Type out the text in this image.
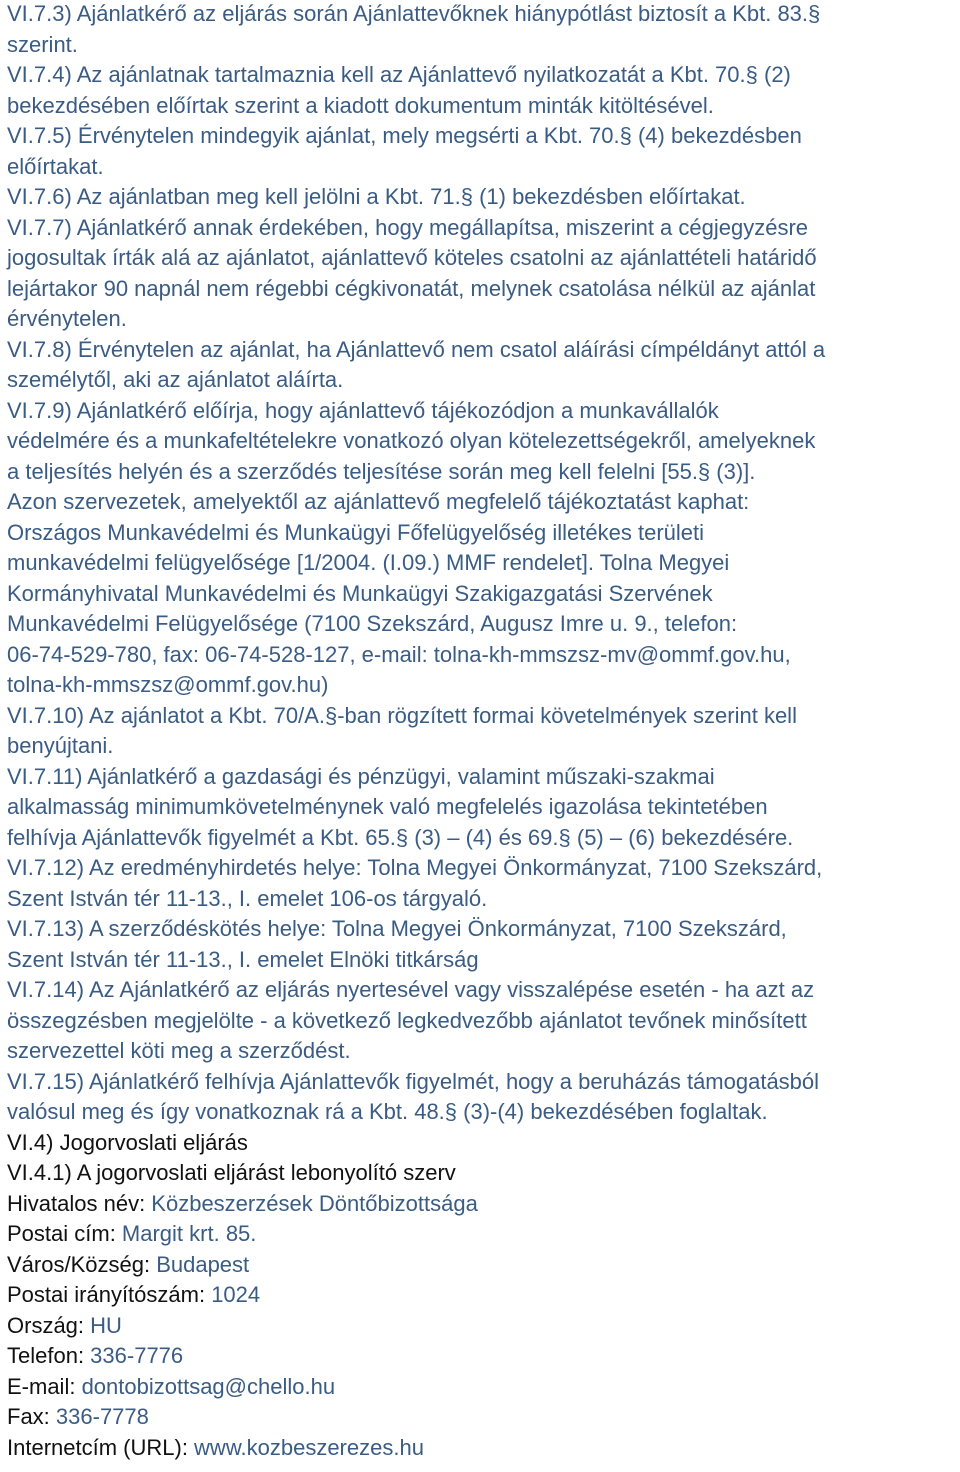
VI.7.3) Ajánlatkérő az eljárás során Ajánlattevőknek hiánypótlást biztosít a Kbt. 83.§
szerint.
VI.7.4) Az ajánlatnak tartalmaznia kell az Ajánlattevő nyilatkozatát a Kbt. 70.§ (2)
bekezdésében előírtak szerint a kiadott dokumentum minták kitöltésével.
VI.7.5) Érvénytelen mindegyik ajánlat, mely megsérti a Kbt. 70.§ (4) bekezdésben
előírtakat.
VI.7.6) Az ajánlatban meg kell jelölni a Kbt. 71.§ (1) bekezdésben előírtakat.
VI.7.7) Ajánlatkérő annak érdekében, hogy megállapítsa, miszerint a cégjegyzésre
jogosultak írták alá az ajánlatot, ajánlattevő köteles csatolni az ajánlattételi határidő
lejártakor 90 napnál nem régebbi cégkivonatát, melynek csatolása nélkül az ajánlat
érvénytelen.
VI.7.8) Érvénytelen az ajánlat, ha Ajánlattevő nem csatol aláírási címpéldányt attól a
személytől, aki az ajánlatot aláírta.
VI.7.9) Ajánlatkérő előírja, hogy ajánlattevő tájékozódjon a munkavállalók
védelmére és a munkafeltételekre vonatkozó olyan kötelezettségekről, amelyeknek
a teljesítés helyén és a szerződés teljesítése során meg kell felelni [55.§ (3)].
Azon szervezetek, amelyektől az ajánlattevő megfelelő tájékoztatást kaphat:
Országos Munkavédelmi és Munkaügyi Főfelügyelőség illetékes területi
munkavédelmi felügyelősége [1/2004. (I.09.) MMF rendelet]. Tolna Megyei
Kormányhivatal Munkavédelmi és Munkaügyi Szakigazgatási Szervének
Munkavédelmi Felügyelősége (7100 Szekszárd, Augusz Imre u. 9., telefon:
06-74-529-780, fax: 06-74-528-127, e-mail: tolna-kh-mmszsz-mv@ommf.gov.hu,
tolna-kh-mmszsz@ommf.gov.hu)
VI.7.10) Az ajánlatot a Kbt. 70/A.§-ban rögzített formai követelmények szerint kell
benyújtani.
VI.7.11) Ajánlatkérő a gazdasági és pénzügyi, valamint műszaki-szakmai
alkalmasság minimumkövetelménynek való megfelelés igazolása tekintetében
felhívja Ajánlattevők figyelmét a Kbt. 65.§ (3) – (4) és 69.§ (5) – (6) bekezdésére.
VI.7.12) Az eredményhirdetés helye: Tolna Megyei Önkormányzat, 7100 Szekszárd,
Szent István tér 11-13., I. emelet 106-os tárgyaló.
VI.7.13) A szerződéskötés helye: Tolna Megyei Önkormányzat, 7100 Szekszárd,
Szent István tér 11-13., I. emelet Elnöki titkárság
VI.7.14) Az Ajánlatkérő az eljárás nyertesével vagy visszalépése esetén - ha azt az
összegzésben megjelölte - a következő legkedvezőbb ajánlatot tevőnek minősített
szervezettel köti meg a szerződést.
VI.7.15) Ajánlatkérő felhívja Ajánlattevők figyelmét, hogy a beruházás támogatásból
valósul meg és így vonatkoznak rá a Kbt. 48.§ (3)-(4) bekezdésében foglaltak.
VI.4) Jogorvoslati eljárás
VI.4.1) A jogorvoslati eljárást lebonyolító szerv
Hivatalos név: Közbeszerzések Döntőbizottsága
Postai cím: Margit krt. 85.
Város/Község: Budapest
Postai irányítószám: 1024
Ország: HU
Telefon: 336-7776
E-mail: dontobizottsag@chello.hu
Fax: 336-7778
Internetcím (URL): www.kozbeszerezes.hu
